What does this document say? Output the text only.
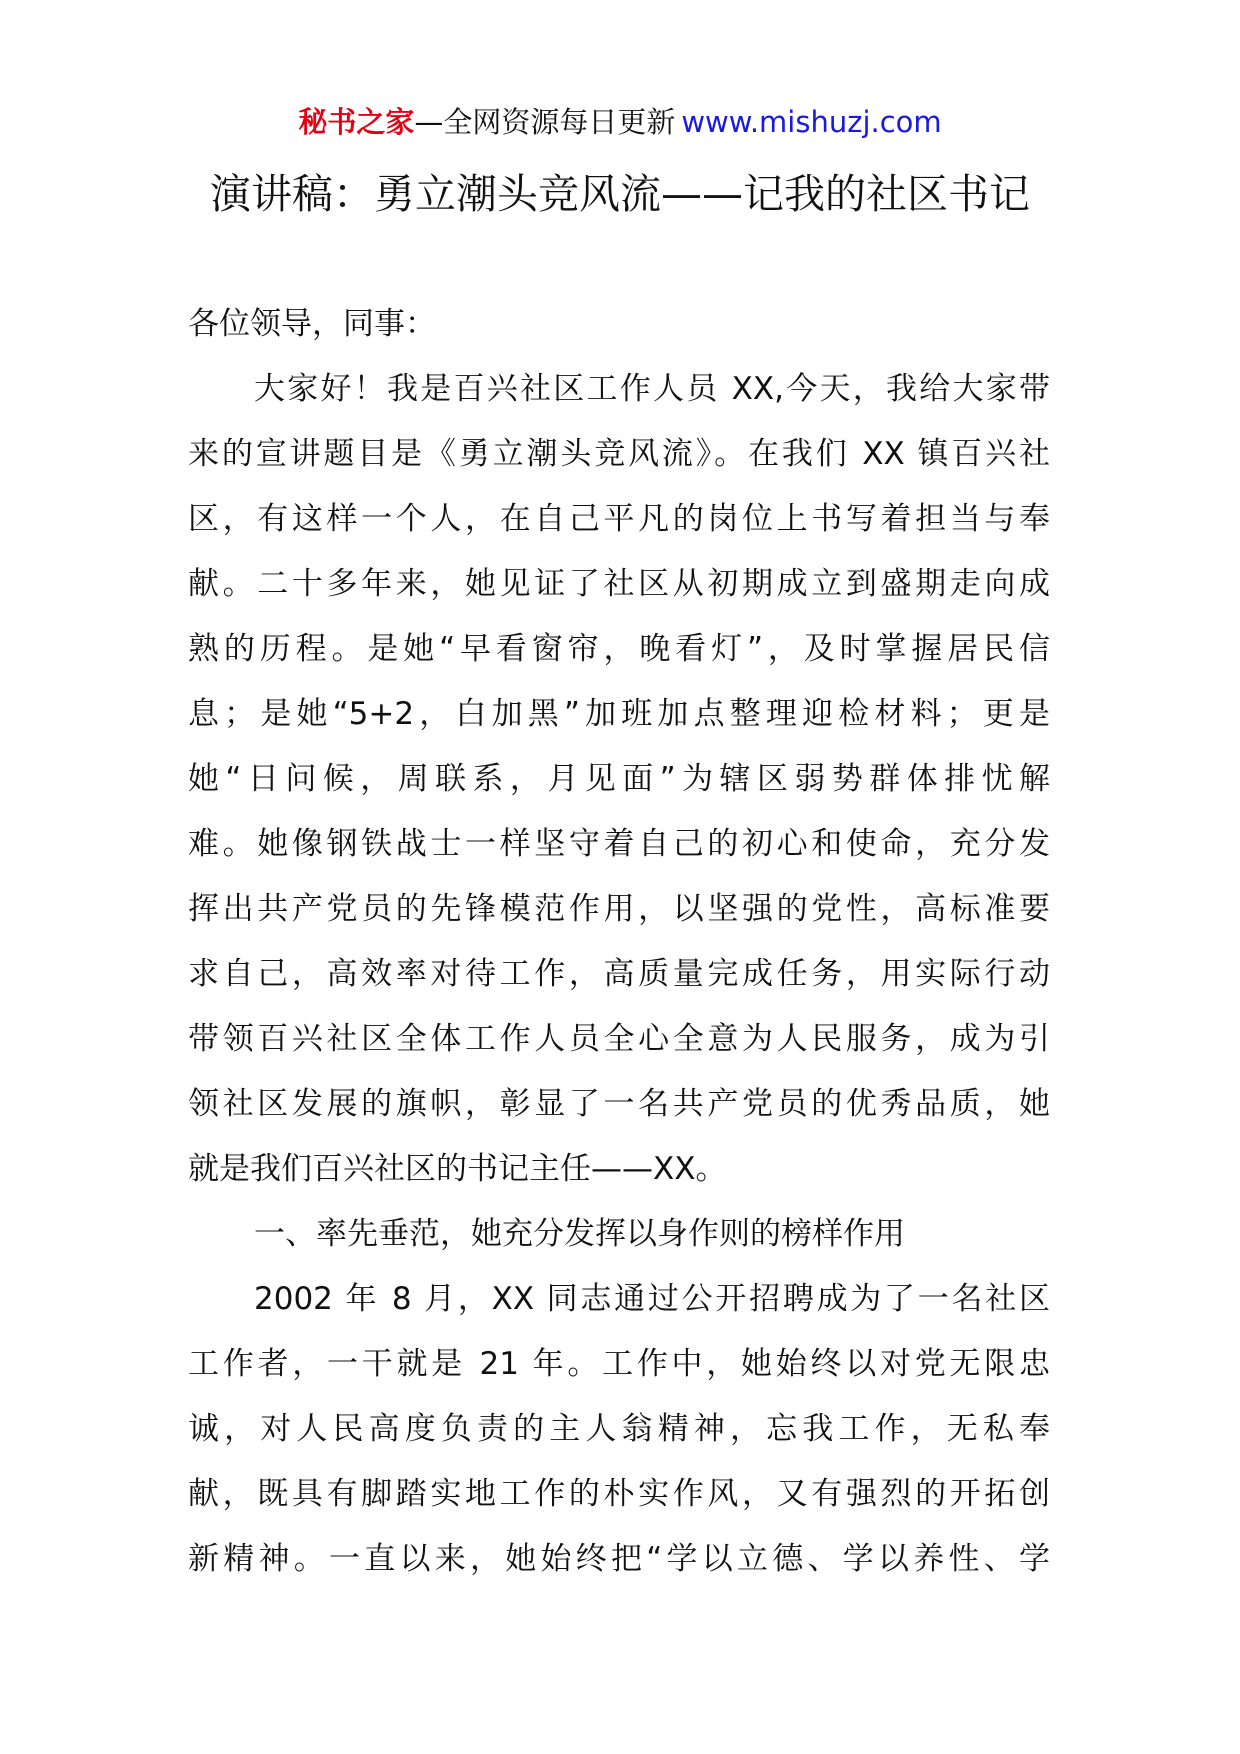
秘书之家—全网资源每日更新 www.mishuzj.com
演讲稿：勇立潮头竞风流——记我的社区书记
各位领导，同事：
大家好！我是百兴社区工作人员 XX,今天，我给大家带
来的宣讲题目是《勇立潮头竞风流》。在我们 XX 镇百兴社
区，有这样一个人，在自己平凡的岗位上书写着担当与奉
献。二十多年来，她见证了社区从初期成立到盛期走向成
熟的历程。是她“早看窗帘，晚看灯”，及时掌握居民信
息；是她“5+2，白加黑”加班加点整理迎检材料；更是
她“日问候，周联系，月见面”为辖区弱势群体排忧解
难。她像钢铁战士一样坚守着自己的初心和使命，充分发
挥出共产党员的先锋模范作用，以坚强的党性，高标准要
求自己，高效率对待工作，高质量完成任务，用实际行动
带领百兴社区全体工作人员全心全意为人民服务，成为引
领社区发展的旗帜，彰显了一名共产党员的优秀品质，她
就是我们百兴社区的书记主任——XX。
一、率先垂范，她充分发挥以身作则的榜样作用
2002 年 8 月，XX 同志通过公开招聘成为了一名社区
工作者，一干就是 21 年。工作中，她始终以对党无限忠
诚，对人民高度负责的主人翁精神，忘我工作，无私奉
献，既具有脚踏实地工作的朴实作风，又有强烈的开拓创
新精神。一直以来，她始终把“学以立德、学以养性、学
